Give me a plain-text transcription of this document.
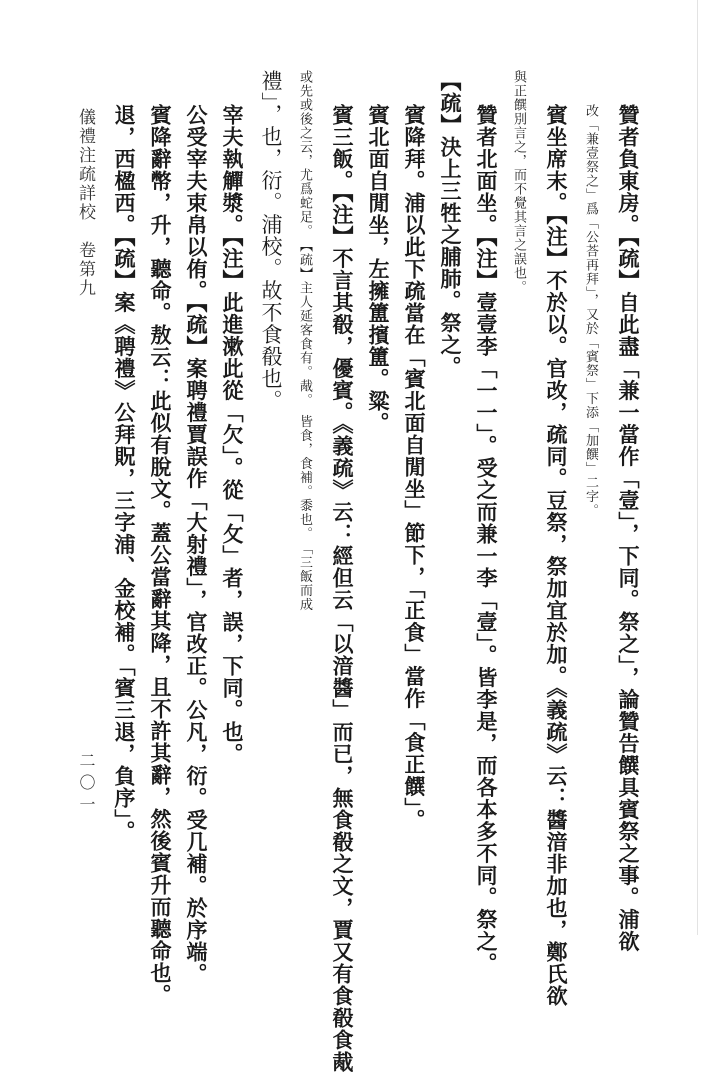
贊者負東房。【疏】自此盡「兼一當作「壹」，下同。祭之」，論贊告饌具賓祭之事。浦欲
改「兼壹祭之」爲「公荅再拜」，又於「賓祭」下添「加饌」二字。
賓坐席末。【注】不於以。官改，疏同。豆祭，祭加宜於加。《義疏》云：醬湆非加也，鄭氏欲
與正饌別言之，而不覺其言之誤也。
贊者北面坐。【注】壹壹李「一一」。受之而兼一李「壹」。皆李是，而各本多不同。祭之。
【疏】決上三牲之脯肺。祭之。
賓降拜。浦以此下疏當在「賓北面自閒坐」節下，「正食」當作「食正饌」。
賓北面自閒坐，左擁簠擯簠。粱。
賓三飯。【注】不言其殽，優賓。《義疏》云：經但云「以湆醬」而已，無食殽之文，賈又有食殽食胾
或先或後之云，尤爲蛇足。　【疏】主人延客食有。胾。　皆食，食補。黍也。　「三飯而成
禮」，也，衍。浦校。故不食殽也。
宰夫執觶漿。【注】此進漱此從「欠」。從「攵」者，誤，下同。也。
公受宰夫束帛以侑。【疏】案聘禮賈誤作「大射禮」，官改正。公凡，衍。受几補。於序端。
賓降辭幣，升，聽命。敖云：此似有脫文。蓋公當辭其降，且不許其辭，然後賓升而聽命也。
退，西楹西。【疏】案《聘禮》公拜貺，三字浦、金校補。「賓三退，負序」。
儀禮注疏詳校　卷第九
二〇一
